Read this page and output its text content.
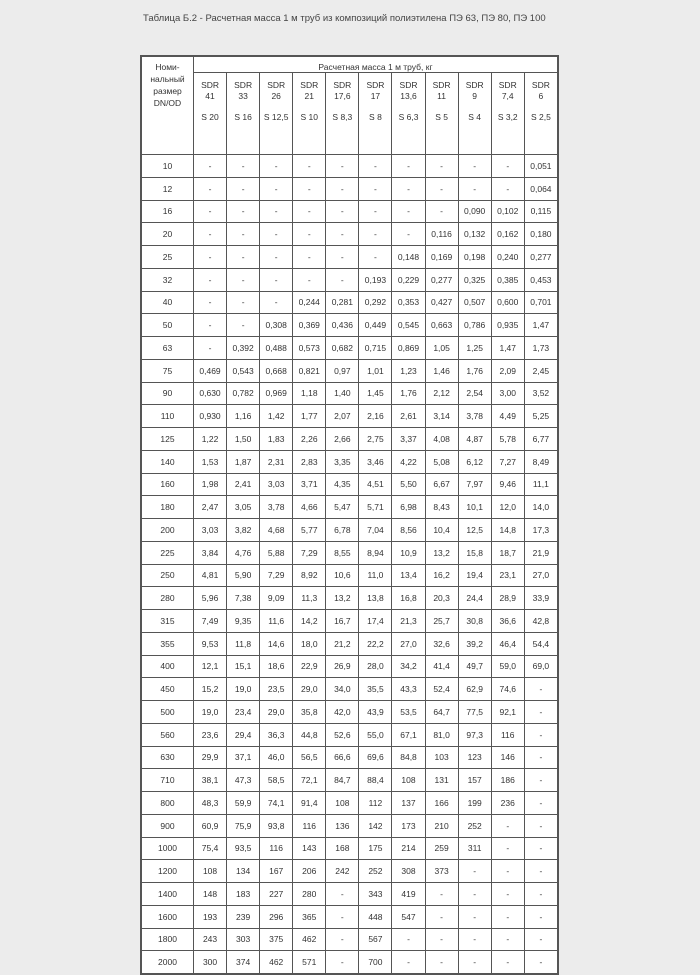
Таблица Б.2 - Расчетная масса 1 м труб из композиций полиэтилена ПЭ 63, ПЭ 80, ПЭ 100
Номи-
нальный
размер
DN/OD	Расчетная масса 1 м труб, кг										
	SDR
41
S 20	SDR
33
S 16	SDR
26
S 12,5	SDR
21
S 10	SDR
17,6
S 8,3	SDR
17
S 8	SDR
13,6
S 6,3	SDR
11
S 5	SDR
9
S 4	SDR
7,4
S 3,2	SDR
6
S 2,5

10	-	-	-	-	-	-	-	-	-	-	0,051
12	-	-	-	-	-	-	-	-	-	-	0,064
16	-	-	-	-	-	-	-	-	0,090	0,102	0,115
20	-	-	-	-	-	-	-	0,116	0,132	0,162	0,180
25	-	-	-	-	-	-	0,148	0,169	0,198	0,240	0,277
32	-	-	-	-	-	0,193	0,229	0,277	0,325	0,385	0,453
40	-	-	-	0,244	0,281	0,292	0,353	0,427	0,507	0,600	0,701
50	-	-	0,308	0,369	0,436	0,449	0,545	0,663	0,786	0,935	1,47
63	-	0,392	0,488	0,573	0,682	0,715	0,869	1,05	1,25	1,47	1,73
75	0,469	0,543	0,668	0,821	0,97	1,01	1,23	1,46	1,76	2,09	2,45
90	0,630	0,782	0,969	1,18	1,40	1,45	1,76	2,12	2,54	3,00	3,52
110	0,930	1,16	1,42	1,77	2,07	2,16	2,61	3,14	3,78	4,49	5,25
125	1,22	1,50	1,83	2,26	2,66	2,75	3,37	4,08	4,87	5,78	6,77
140	1,53	1,87	2,31	2,83	3,35	3,46	4,22	5,08	6,12	7,27	8,49
160	1,98	2,41	3,03	3,71	4,35	4,51	5,50	6,67	7,97	9,46	11,1
180	2,47	3,05	3,78	4,66	5,47	5,71	6,98	8,43	10,1	12,0	14,0
200	3,03	3,82	4,68	5,77	6,78	7,04	8,56	10,4	12,5	14,8	17,3
225	3,84	4,76	5,88	7,29	8,55	8,94	10,9	13,2	15,8	18,7	21,9
250	4,81	5,90	7,29	8,92	10,6	11,0	13,4	16,2	19,4	23,1	27,0
280	5,96	7,38	9,09	11,3	13,2	13,8	16,8	20,3	24,4	28,9	33,9
315	7,49	9,35	11,6	14,2	16,7	17,4	21,3	25,7	30,8	36,6	42,8
355	9,53	11,8	14,6	18,0	21,2	22,2	27,0	32,6	39,2	46,4	54,4
400	12,1	15,1	18,6	22,9	26,9	28,0	34,2	41,4	49,7	59,0	69,0
450	15,2	19,0	23,5	29,0	34,0	35,5	43,3	52,4	62,9	74,6	-
500	19,0	23,4	29,0	35,8	42,0	43,9	53,5	64,7	77,5	92,1	-
560	23,6	29,4	36,3	44,8	52,6	55,0	67,1	81,0	97,3	116	-
630	29,9	37,1	46,0	56,5	66,6	69,6	84,8	103	123	146	-
710	38,1	47,3	58,5	72,1	84,7	88,4	108	131	157	186	-
800	48,3	59,9	74,1	91,4	108	112	137	166	199	236	-
900	60,9	75,9	93,8	116	136	142	173	210	252	-	-
1000	75,4	93,5	116	143	168	175	214	259	311	-	-
1200	108	134	167	206	242	252	308	373	-	-	-
1400	148	183	227	280	-	343	419	-	-	-	-
1600	193	239	296	365	-	448	547	-	-	-	-
1800	243	303	375	462	-	567	-	-	-	-	-
2000	300	374	462	571	-	700	-	-	-	-	-
